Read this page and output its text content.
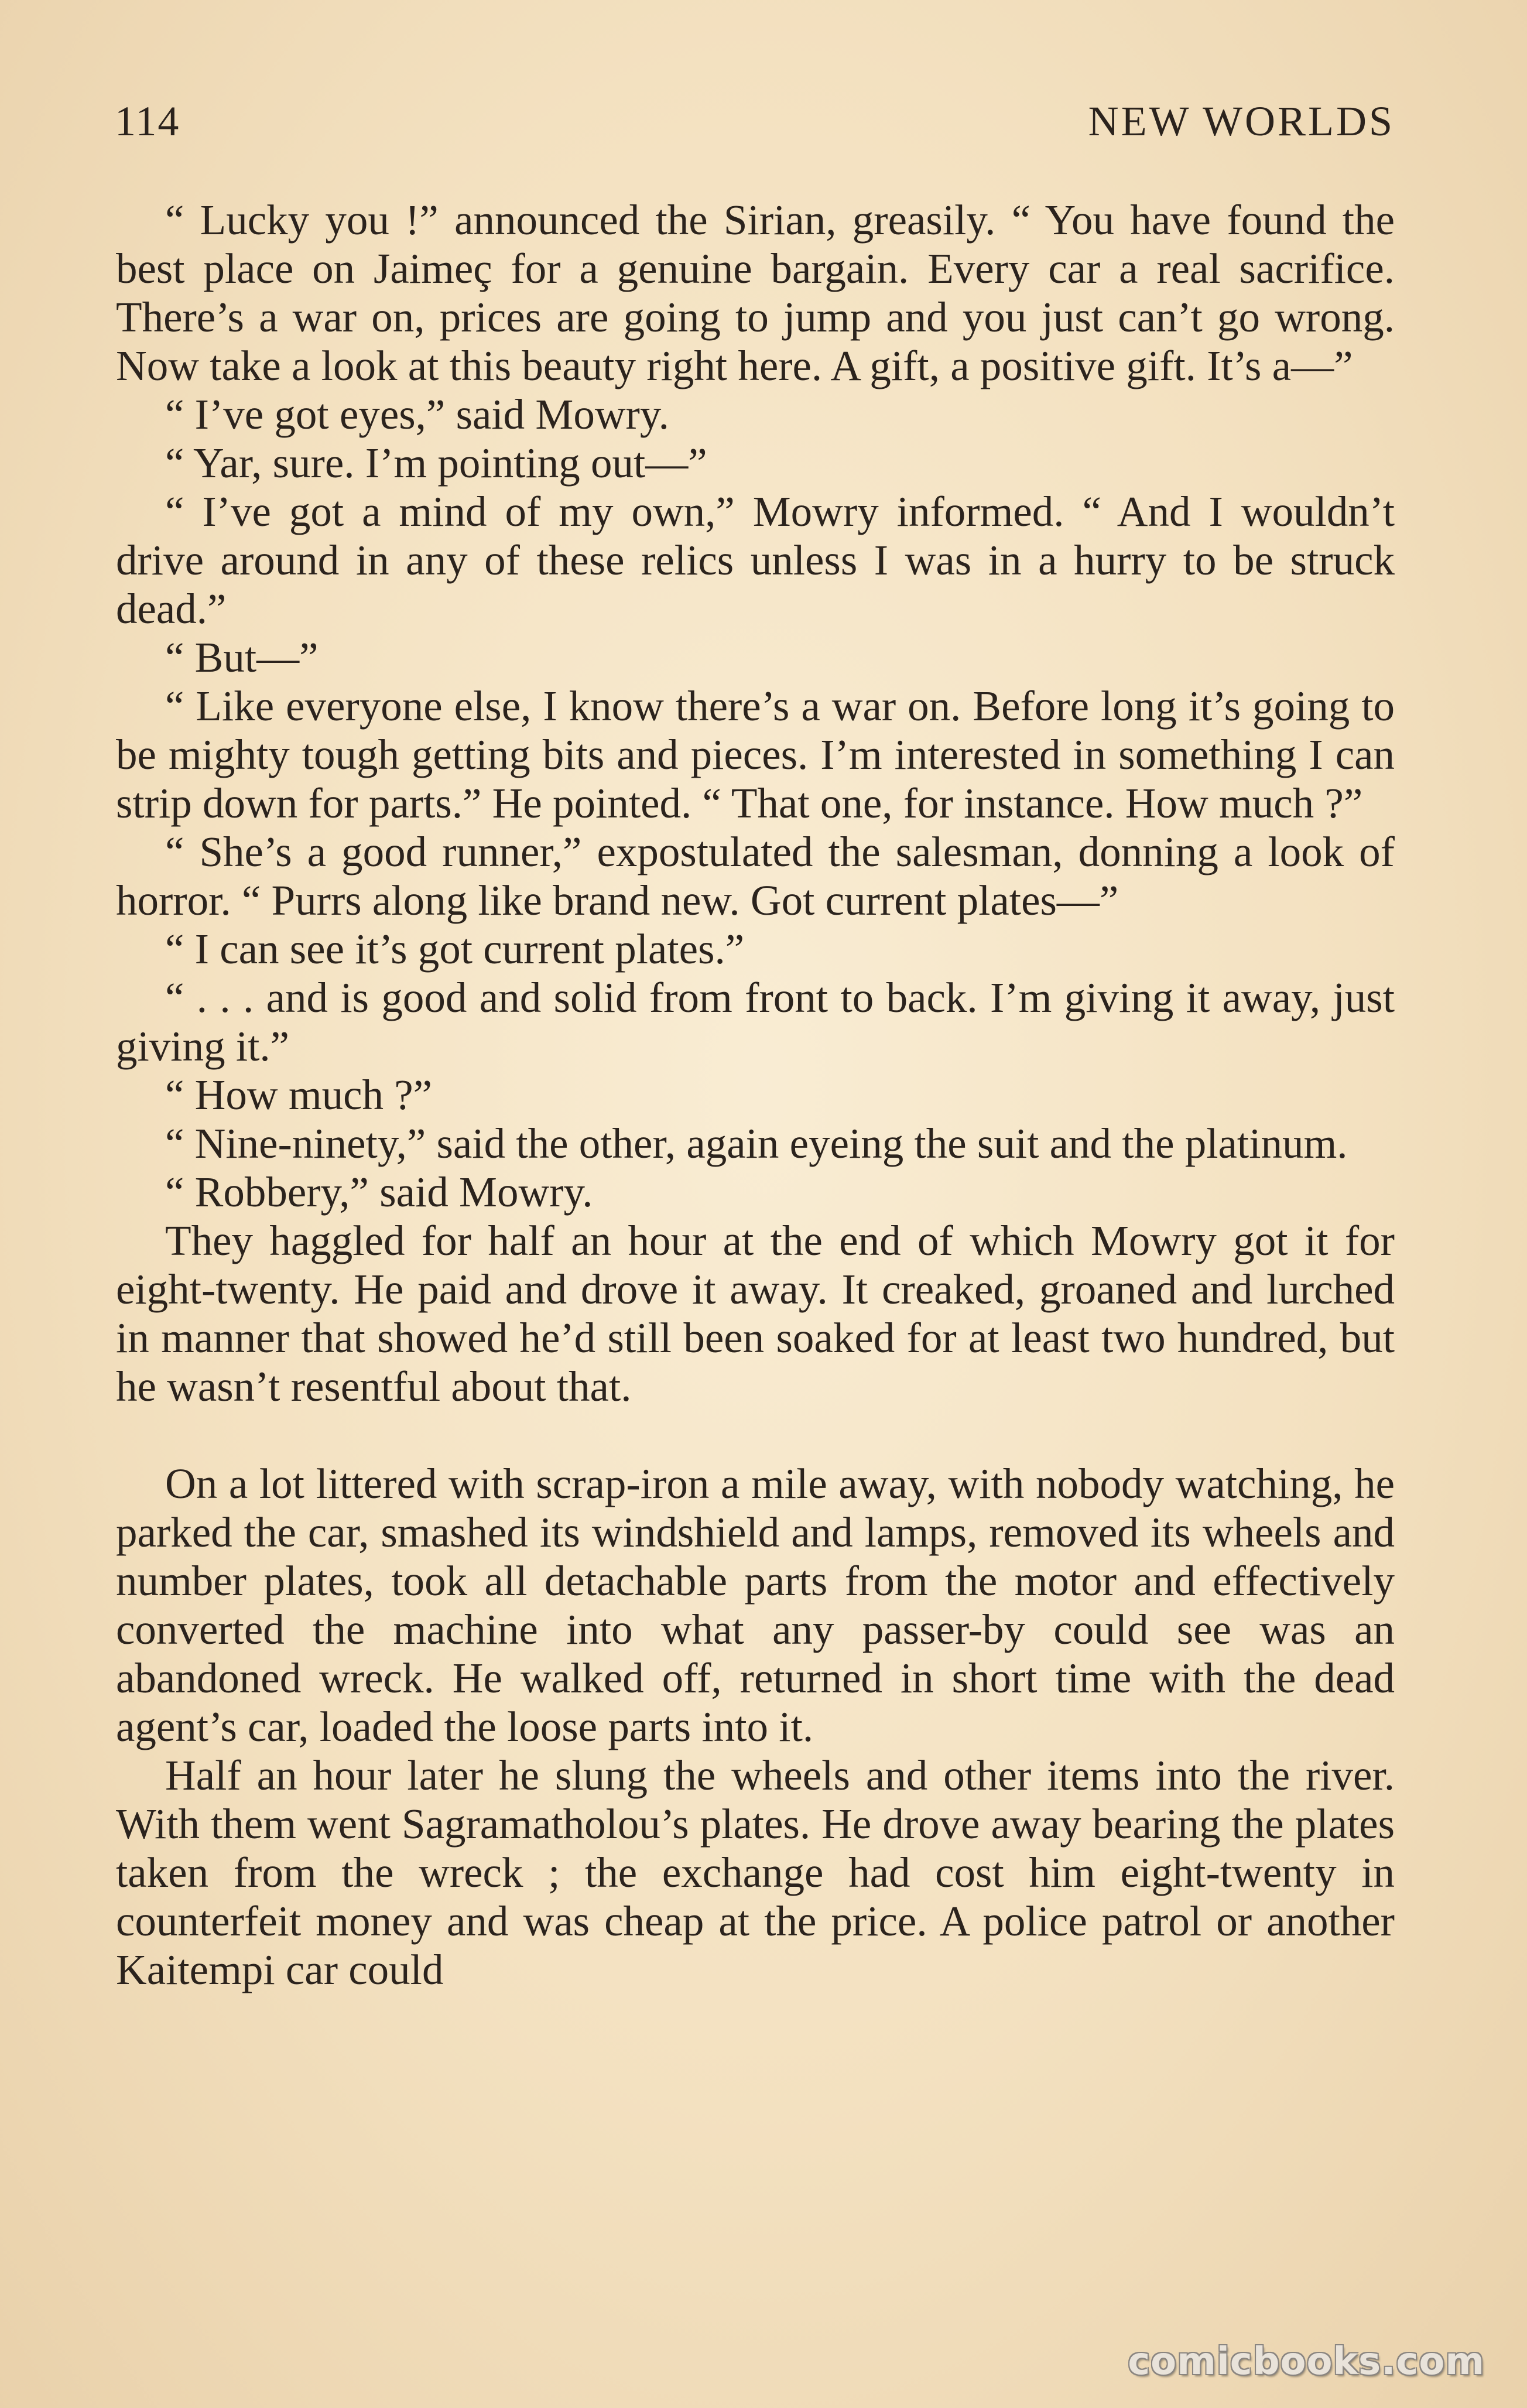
114	NEW WORLDS

“ Lucky you !” announced the Sirian, greasily. “ You have found the best place on Jaimeç for a genuine bargain. Every car a real sacrifice. There’s a war on, prices are going to jump and you just can’t go wrong. Now take a look at this beauty right here. A gift, a positive gift. It’s a—”

“ I’ve got eyes,” said Mowry.

“ Yar, sure. I’m pointing out—”

“ I’ve got a mind of my own,” Mowry informed. “ And I wouldn’t drive around in any of these relics unless I was in a hurry to be struck dead.”

“ But—”

“ Like everyone else, I know there’s a war on. Before long it’s going to be mighty tough getting bits and pieces. I’m interested in something I can strip down for parts.” He pointed. “ That one, for instance. How much ?”

“ She’s a good runner,” expostulated the salesman, donning a look of horror. “ Purrs along like brand new. Got current plates—”

“ I can see it’s got current plates.”

“ . . . and is good and solid from front to back. I’m giving it away, just giving it.”

“ How much ?”

“ Nine-ninety,” said the other, again eyeing the suit and the platinum.

“ Robbery,” said Mowry.

They haggled for half an hour at the end of which Mowry got it for eight-twenty. He paid and drove it away. It creaked, groaned and lurched in manner that showed he’d still been soaked for at least two hundred, but he wasn’t resentful about that.

On a lot littered with scrap-iron a mile away, with nobody watching, he parked the car, smashed its windshield and lamps, removed its wheels and number plates, took all detachable parts from the motor and effectively converted the machine into what any passer-by could see was an abandoned wreck. He walked off, returned in short time with the dead agent’s car, loaded the loose parts into it.

Half an hour later he slung the wheels and other items into the river. With them went Sagramatholou’s plates. He drove away bearing the plates taken from the wreck ; the exchange had cost him eight-twenty in counterfeit money and was cheap at the price. A police patrol or another Kaitempi car could

comicbooks.com
